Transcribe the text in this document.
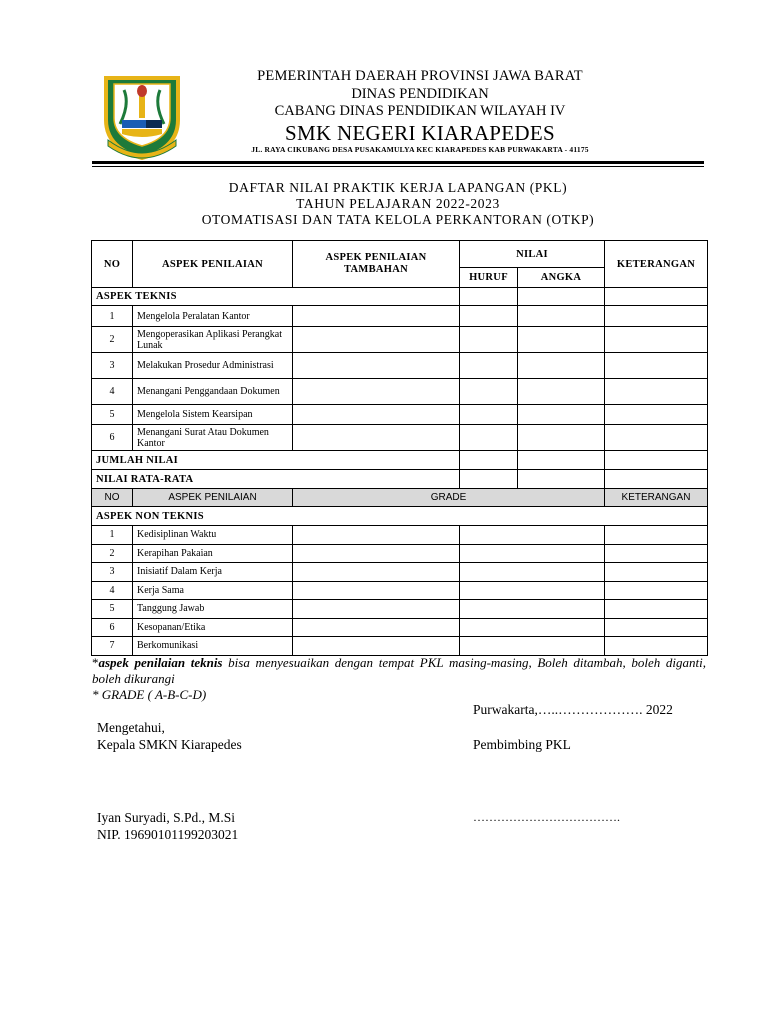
PEMERINTAH DAERAH PROVINSI JAWA BARAT
DINAS PENDIDIKAN
CABANG DINAS PENDIDIKAN WILAYAH IV
SMK NEGERI KIARAPEDES
JL. RAYA CIKUBANG DESA PUSAKAMULYA KEC KIARAPEDES KAB PURWAKARTA - 41175
DAFTAR NILAI PRAKTIK KERJA LAPANGAN (PKL)
TAHUN PELAJARAN 2022-2023
OTOMATISASI DAN TATA KELOLA PERKANTORAN (OTKP)
NO	ASPEK PENILAIAN	ASPEK PENILAIAN TAMBAHAN	NILAI		KETERANGAN
			HURUF	ANGKA	
ASPEK TEKNIS					
1	Mengelola Peralatan Kantor				
2	Mengoperasikan Aplikasi Perangkat Lunak				
3	Melakukan Prosedur Administrasi				
4	Menangani Penggandaan Dokumen				
5	Mengelola Sistem Kearsipan				
6	Menangani Surat Atau Dokumen Kantor				
JUMLAH NILAI					
NILAI RATA-RATA					
NO	ASPEK PENILAIAN	GRADE			KETERANGAN
ASPEK NON TEKNIS					
1	Kedisiplinan Waktu				
2	Kerapihan Pakaian				
3	Inisiatif Dalam Kerja				
4	Kerja Sama				
5	Tanggung Jawab				
6	Kesopanan/Etika				
7	Berkomunikasi				
*aspek penilaian teknis bisa menyesuaikan dengan tempat PKL masing-masing, Boleh ditambah, boleh diganti, boleh dikurangi
* GRADE ( A-B-C-D)
Purwakarta,…..………………. 2022
Mengetahui,
Kepala SMKN Kiarapedes	Pembimbing PKL
Iyan Suryadi, S.Pd., M.Si
NIP. 19690101199203021
……………………………….
